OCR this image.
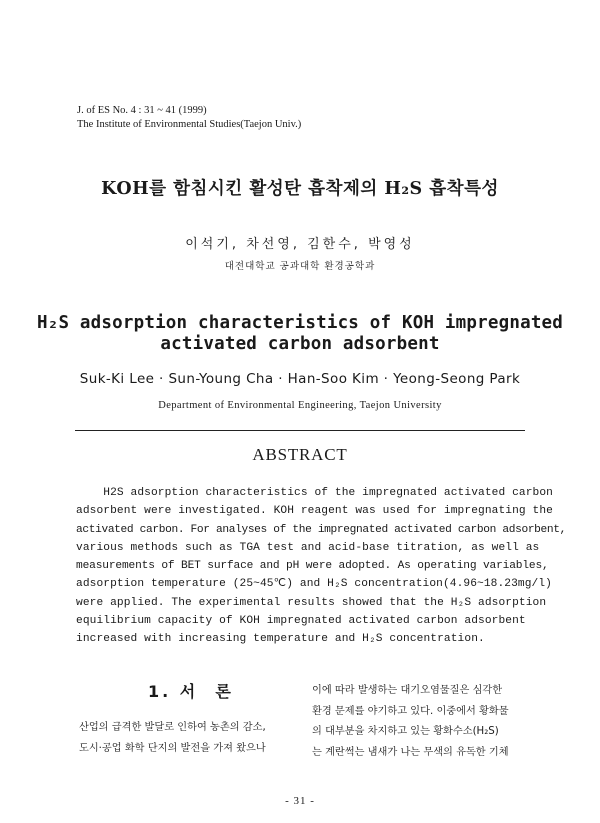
J. of ES No. 4 : 31 ~ 41 (1999)
The Institute of Environmental Studies(Taejon Univ.)
KOH를 함침시킨 활성탄 흡착제의 H₂S 흡착특성
이석기, 차선영, 김한수, 박영성
대전대학교 공과대학 환경공학과
H₂S adsorption characteristics of KOH impregnated
activated carbon adsorbent
Suk-Ki Lee · Sun-Young Cha · Han-Soo Kim · Yeong-Seong Park
Department of Environmental Engineering, Taejon University
ABSTRACT
H2S adsorption characteristics of the impregnated activated carbon
adsorbent were investigated. KOH reagent was used for impregnating the
activated carbon. For analyses of the impregnated activated carbon adsorbent,
various methods such as TGA test and acid-base titration, as well as
measurements of BET surface and pH were adopted. As operating variables,
adsorption temperature (25~45℃) and H₂S concentration(4.96~18.23mg/l)
were applied. The experimental results showed that the H₂S adsorption
equilibrium capacity of KOH impregnated activated carbon adsorbent
increased with increasing temperature and H₂S concentration.
1. 서  론
산업의 급격한 발달로 인하여 농촌의 감소,
도시·공업 화학 단지의 발전을 가져 왔으나
이에 따라 발생하는 대기오염물질은 심각한
환경 문제를 야기하고 있다. 이중에서 황화물
의 대부분을 차지하고 있는 황화수소(H₂S)
는 계란썩는 냄새가 나는 무색의 유독한 기체
- 31 -
